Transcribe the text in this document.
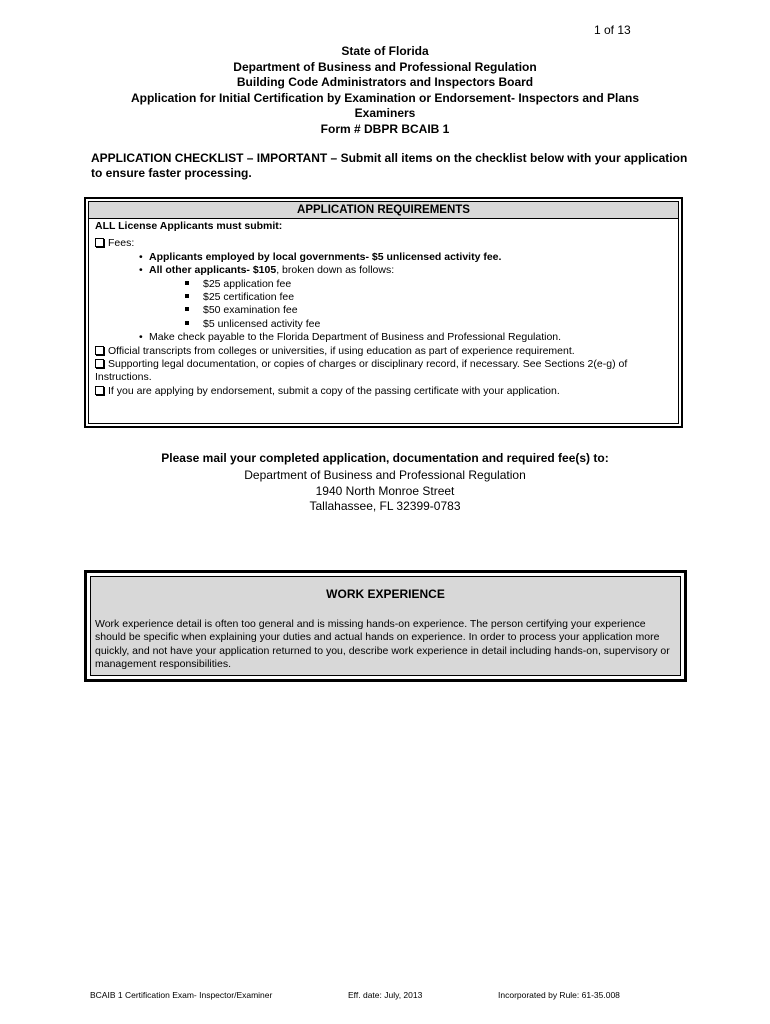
1 of 13
State of Florida
Department of Business and Professional Regulation
Building Code Administrators and Inspectors Board
Application for Initial Certification by Examination or Endorsement- Inspectors and Plans
Examiners
Form # DBPR BCAIB 1
APPLICATION CHECKLIST – IMPORTANT – Submit all items on the checklist below with your application to ensure faster processing.
APPLICATION REQUIREMENTS
ALL License Applicants must submit:
Fees:
• Applicants employed by local governments- $5 unlicensed activity fee.
• All other applicants- $105, broken down as follows:
$25 application fee
$25 certification fee
$50 examination fee
$5 unlicensed activity fee
• Make check payable to the Florida Department of Business and Professional Regulation.
Official transcripts from colleges or universities, if using education as part of experience requirement.
Supporting legal documentation, or copies of charges or disciplinary record, if necessary. See Sections 2(e-g) of Instructions.
If you are applying by endorsement, submit a copy of the passing certificate with your application.
Please mail your completed application, documentation and required fee(s) to:
Department of Business and Professional Regulation
1940 North Monroe Street
Tallahassee, FL 32399-0783
WORK EXPERIENCE
Work experience detail is often too general and is missing hands-on experience. The person certifying your experience should be specific when explaining your duties and actual hands on experience. In order to process your application more quickly, and not have your application returned to you, describe work experience in detail including hands-on, supervisory or management responsibilities.
BCAIB 1 Certification Exam- Inspector/Examiner	Eff. date: July, 2013	Incorporated by Rule: 61-35.008
